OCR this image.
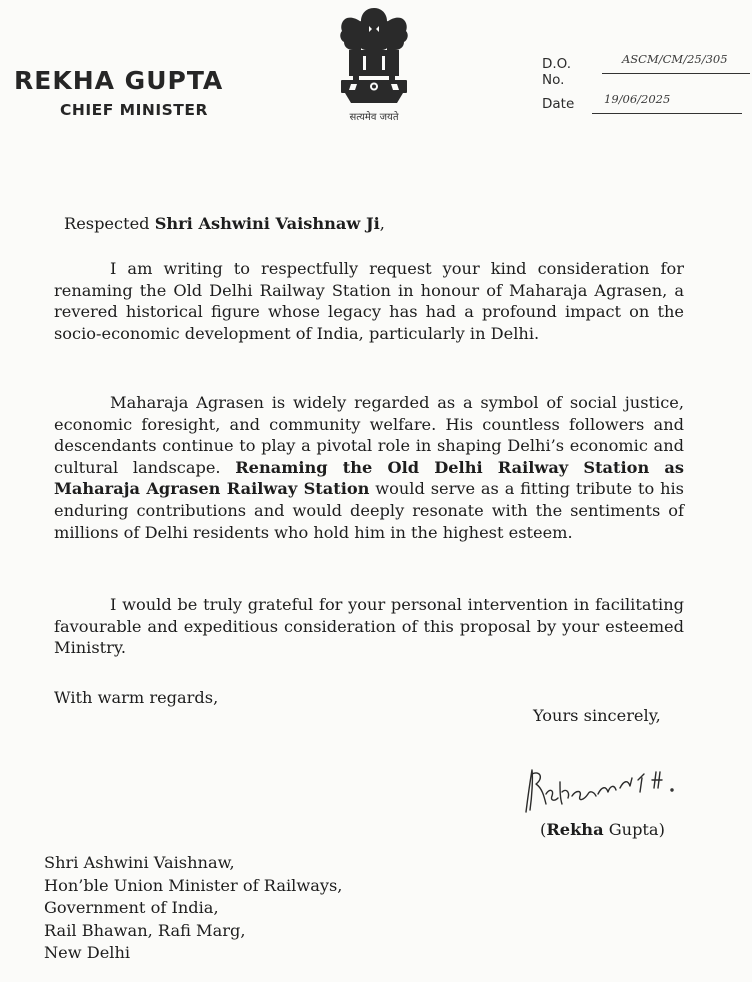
REKHA GUPTA
CHIEF MINISTER	सत्यमेव जयते
D.O. No.
ASCM/CM/25/305
Date	19/06/2025
Respected Shri Ashwini Vaishnaw Ji,

I am writing to respectfully request your kind consideration for renaming the Old Delhi Railway Station in honour of Maharaja Agrasen, a revered historical figure whose legacy has had a profound impact on the socio-economic development of India, particularly in Delhi.

Maharaja Agrasen is widely regarded as a symbol of social justice, economic foresight, and community welfare. His countless followers and descendants continue to play a pivotal role in shaping Delhi’s economic and cultural landscape. Renaming the Old Delhi Railway Station as Maharaja Agrasen Railway Station would serve as a fitting tribute to his enduring contributions and would deeply resonate with the sentiments of millions of Delhi residents who hold him in the highest esteem.

I would be truly grateful for your personal intervention in facilitating favourable and expeditious consideration of this proposal by your esteemed Ministry.

With warm regards,
Yours sincerely,
(Rekha Gupta)
Shri Ashwini Vaishnaw,
Hon’ble Union Minister of Railways,
Government of India,
Rail Bhawan, Rafi Marg,
New Delhi
